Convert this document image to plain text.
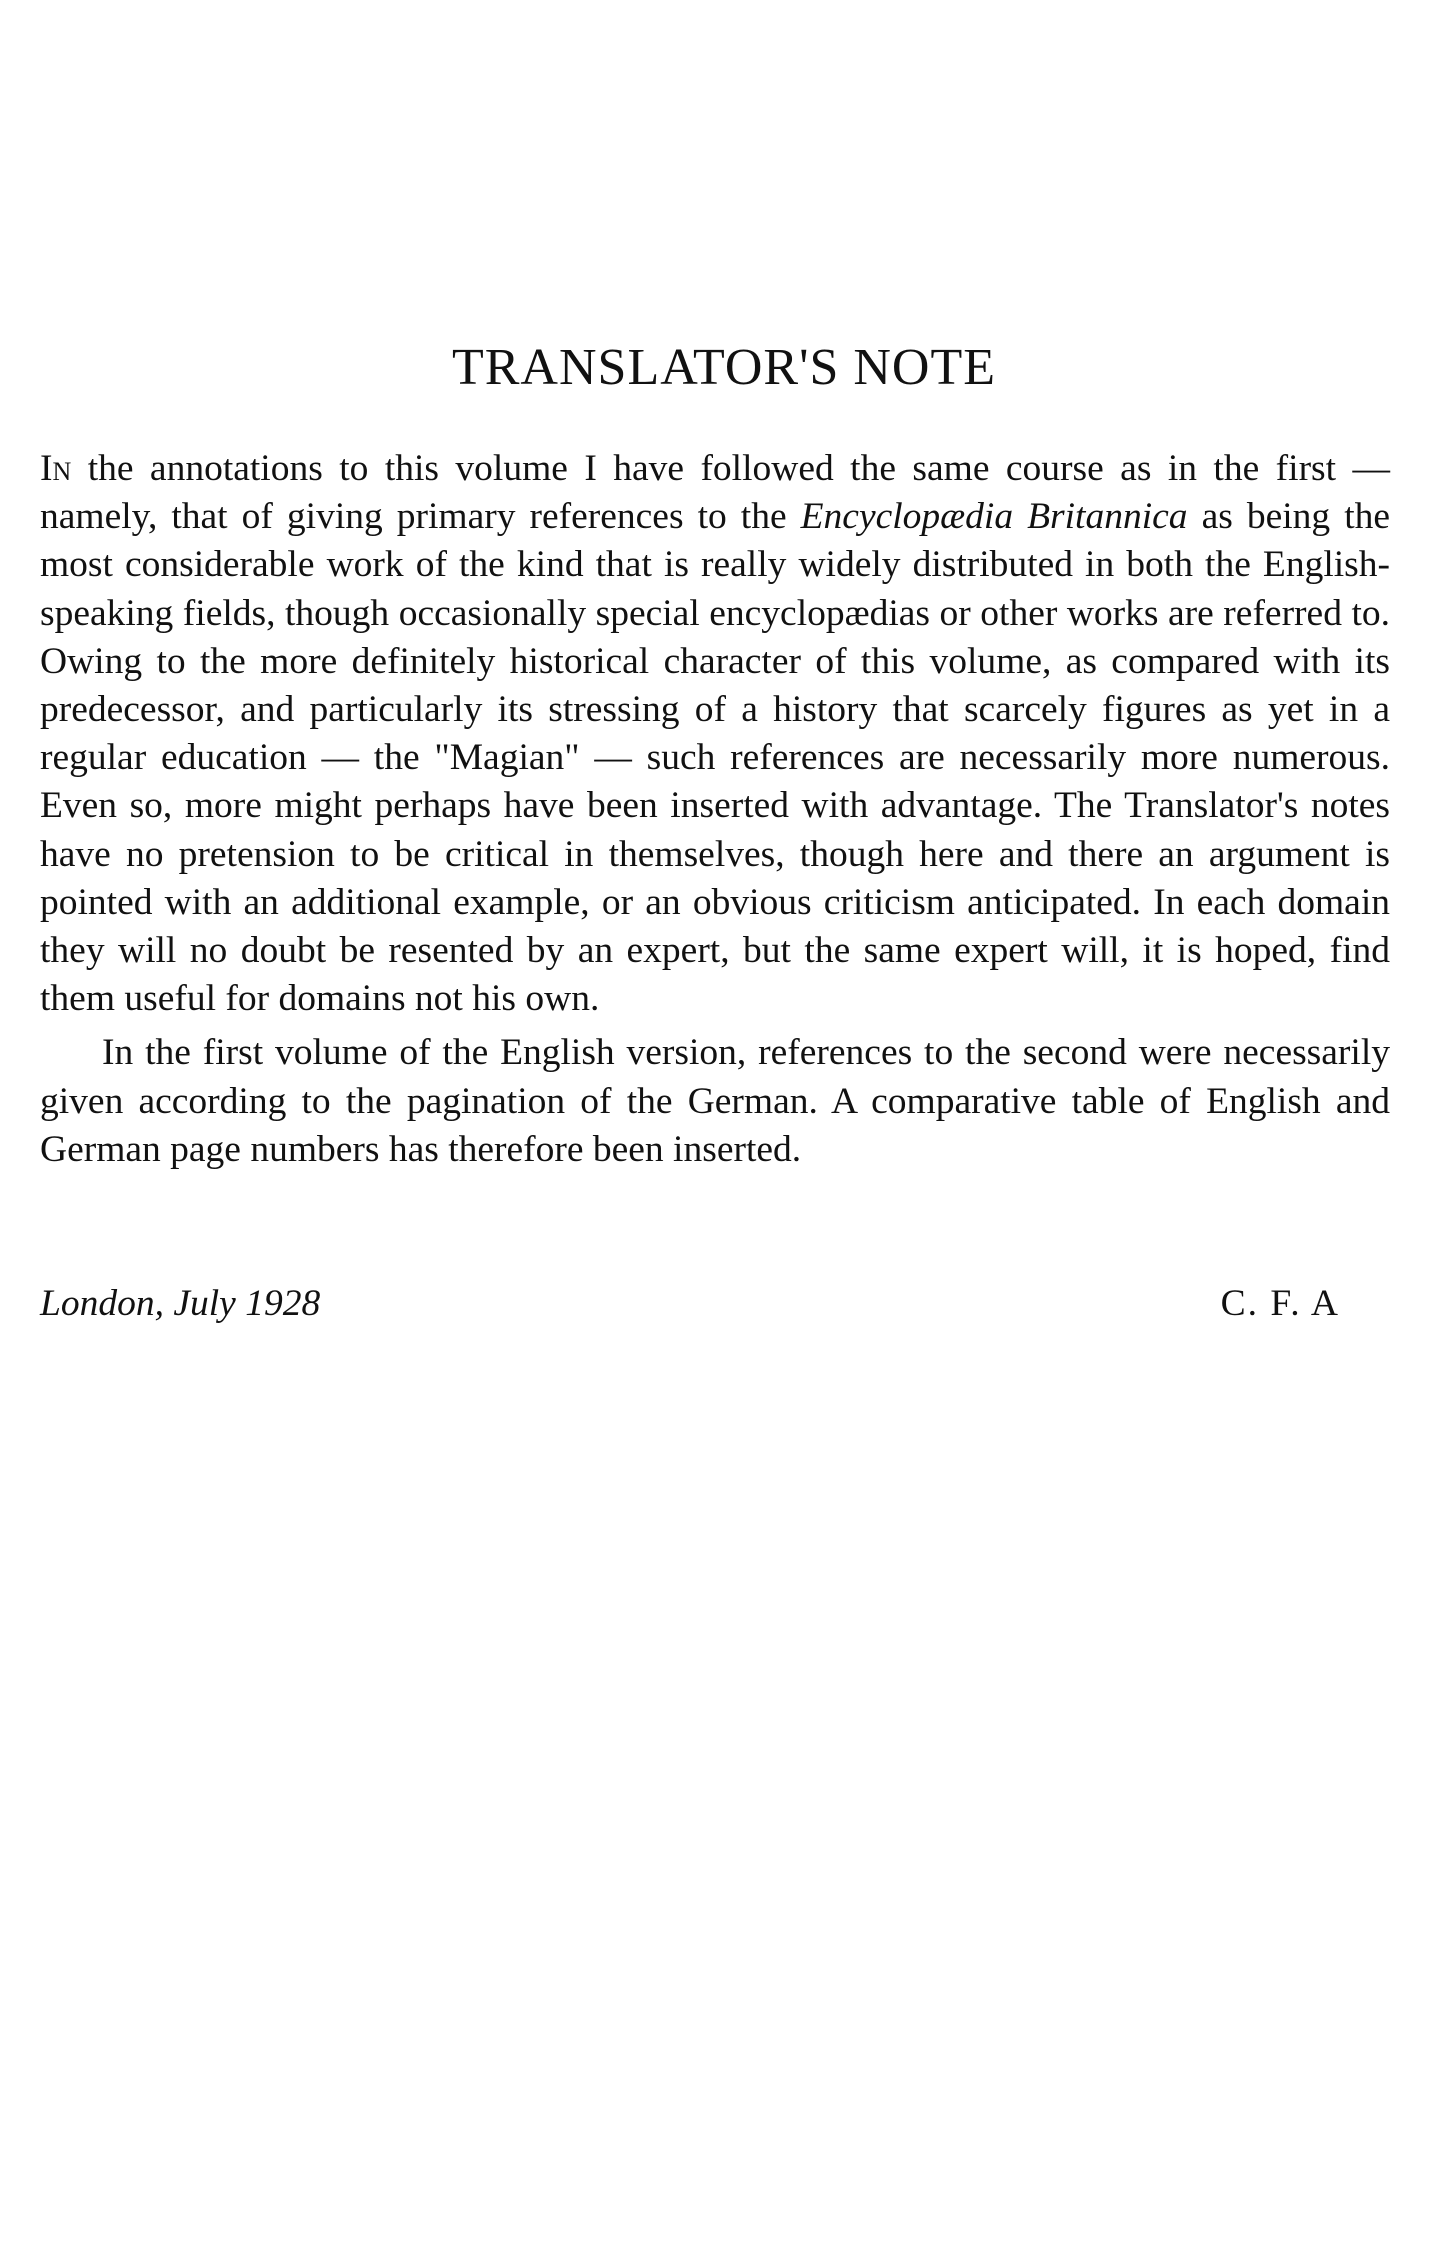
TRANSLATOR'S NOTE

In the annotations to this volume I have followed the same course as in the first — namely, that of giving primary references to the Encyclopædia Britannica as being the most considerable work of the kind that is really widely distributed in both the English-speaking fields, though occasionally special encyclopædias or other works are referred to. Owing to the more definitely historical character of this volume, as compared with its predecessor, and particularly its stressing of a history that scarcely figures as yet in a regular education — the "Magian" — such references are necessarily more numerous. Even so, more might perhaps have been inserted with advantage. The Translator's notes have no pretension to be critical in themselves, though here and there an argument is pointed with an additional example, or an obvious criticism anticipated. In each domain they will no doubt be resented by an expert, but the same expert will, it is hoped, find them useful for domains not his own.

In the first volume of the English version, references to the second were necessarily given according to the pagination of the German. A comparative table of English and German page numbers has therefore been inserted.

London, July 1928	C. F. A
